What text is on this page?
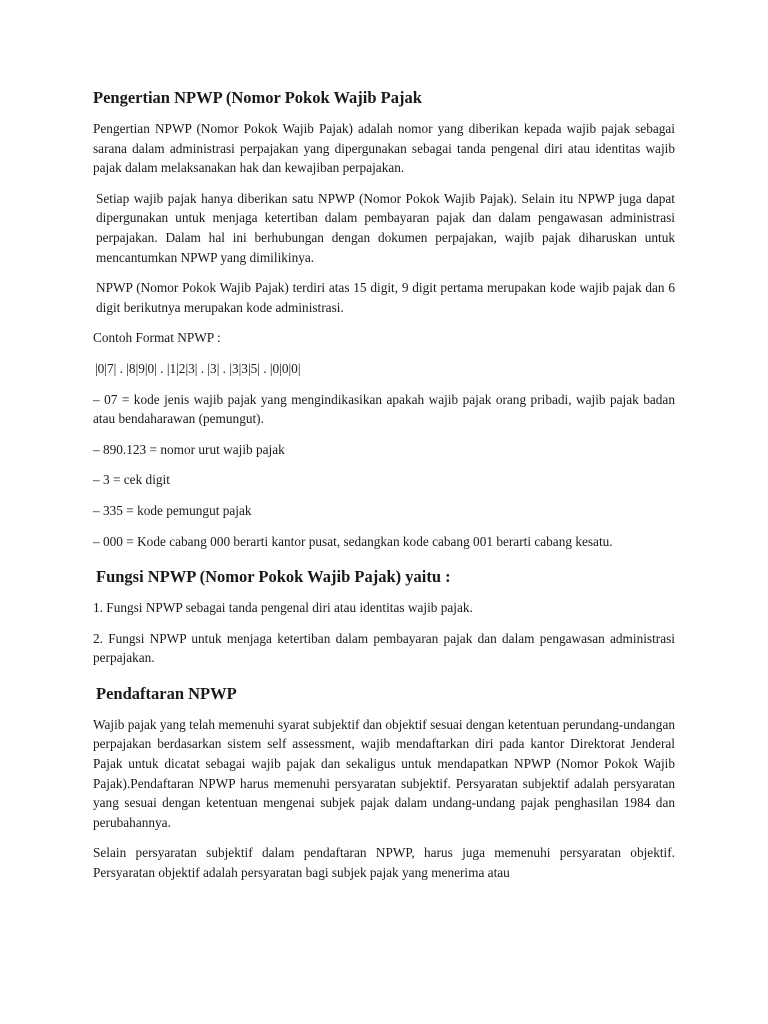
Pengertian NPWP (Nomor Pokok Wajib Pajak

Pengertian NPWP (Nomor Pokok Wajib Pajak) adalah nomor yang diberikan kepada wajib pajak sebagai sarana dalam administrasi perpajakan yang dipergunakan sebagai tanda pengenal diri atau identitas wajib pajak dalam melaksanakan hak dan kewajiban perpajakan.

Setiap wajib pajak hanya diberikan satu NPWP (Nomor Pokok Wajib Pajak). Selain itu NPWP juga dapat dipergunakan untuk menjaga ketertiban dalam pembayaran pajak dan dalam pengawasan administrasi perpajakan. Dalam hal ini berhubungan dengan dokumen perpajakan, wajib pajak diharuskan untuk mencantumkan NPWP yang dimilikinya.

NPWP (Nomor Pokok Wajib Pajak) terdiri atas 15 digit, 9 digit pertama merupakan kode wajib pajak dan 6 digit berikutnya merupakan kode administrasi.

Contoh Format NPWP :

|0|7| . |8|9|0| . |1|2|3| . |3| . |3|3|5| . |0|0|0|

– 07 = kode jenis wajib pajak yang mengindikasikan apakah wajib pajak orang pribadi, wajib pajak badan atau bendaharawan (pemungut).

– 890.123 = nomor urut wajib pajak

– 3 = cek digit

– 335 = kode pemungut pajak

– 000 = Kode cabang 000 berarti kantor pusat, sedangkan kode cabang 001 berarti cabang kesatu.

Fungsi NPWP (Nomor Pokok Wajib Pajak) yaitu :

1. Fungsi NPWP sebagai tanda pengenal diri atau identitas wajib pajak.

2. Fungsi NPWP untuk menjaga ketertiban dalam pembayaran pajak dan dalam pengawasan administrasi perpajakan.

Pendaftaran NPWP

Wajib pajak yang telah memenuhi syarat subjektif dan objektif sesuai dengan ketentuan perundang-undangan perpajakan berdasarkan sistem self assessment, wajib mendaftarkan diri pada kantor Direktorat Jenderal Pajak untuk dicatat sebagai wajib pajak dan sekaligus untuk mendapatkan NPWP (Nomor Pokok Wajib Pajak).Pendaftaran NPWP harus memenuhi persyaratan subjektif. Persyaratan subjektif adalah persyaratan yang sesuai dengan ketentuan mengenai subjek pajak dalam undang-undang pajak penghasilan 1984 dan perubahannya.

Selain persyaratan subjektif dalam pendaftaran NPWP, harus juga memenuhi persyaratan objektif. Persyaratan objektif adalah persyaratan bagi subjek pajak yang menerima atau
